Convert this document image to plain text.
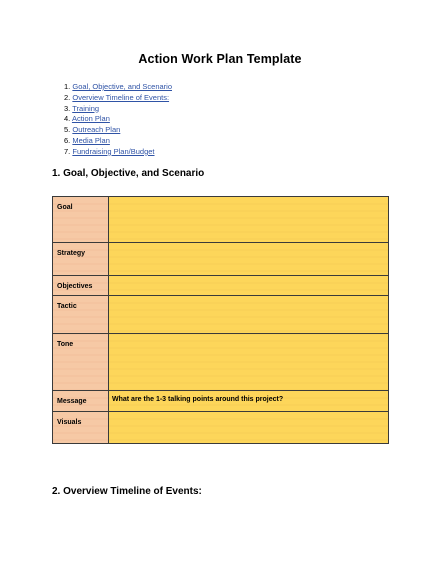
Action Work Plan Template
1. Goal, Objective, and Scenario
2. Overview Timeline of Events:
3. Training
4. Action Plan
5. Outreach Plan
6. Media Plan
7. Fundraising Plan/Budget
1. Goal, Objective, and Scenario
Goal	
Strategy	
Objectives	
Tactic	
Tone	
Message	What are the 1-3 talking points around this project?
Visuals	
2. Overview Timeline of Events:
